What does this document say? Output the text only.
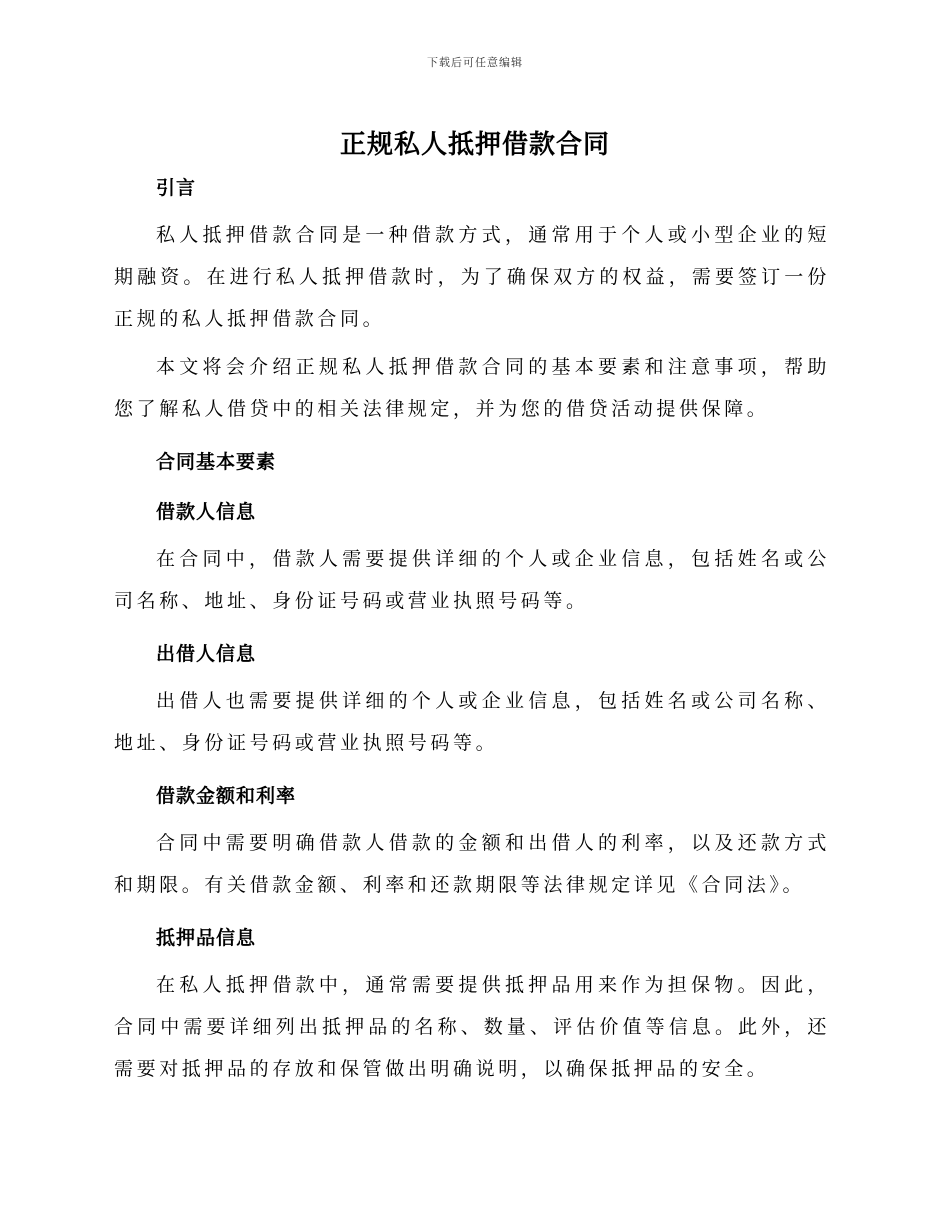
下载后可任意编辑
正规私人抵押借款合同
引言

私人抵押借款合同是一种借款方式，通常用于个人或小型企业的短期融资。在进行私人抵押借款时，为了确保双方的权益，需要签订一份正规的私人抵押借款合同。

本文将会介绍正规私人抵押借款合同的基本要素和注意事项，帮助您了解私人借贷中的相关法律规定，并为您的借贷活动提供保障。

合同基本要素
借款人信息

在合同中，借款人需要提供详细的个人或企业信息，包括姓名或公司名称、地址、身份证号码或营业执照号码等。

出借人信息

出借人也需要提供详细的个人或企业信息，包括姓名或公司名称、地址、身份证号码或营业执照号码等。

借款金额和利率

合同中需要明确借款人借款的金额和出借人的利率，以及还款方式和期限。有关借款金额、利率和还款期限等法律规定详见《合同法》。

抵押品信息

在私人抵押借款中，通常需要提供抵押品用来作为担保物。因此，合同中需要详细列出抵押品的名称、数量、评估价值等信息。此外，还需要对抵押品的存放和保管做出明确说明，以确保抵押品的安全。
